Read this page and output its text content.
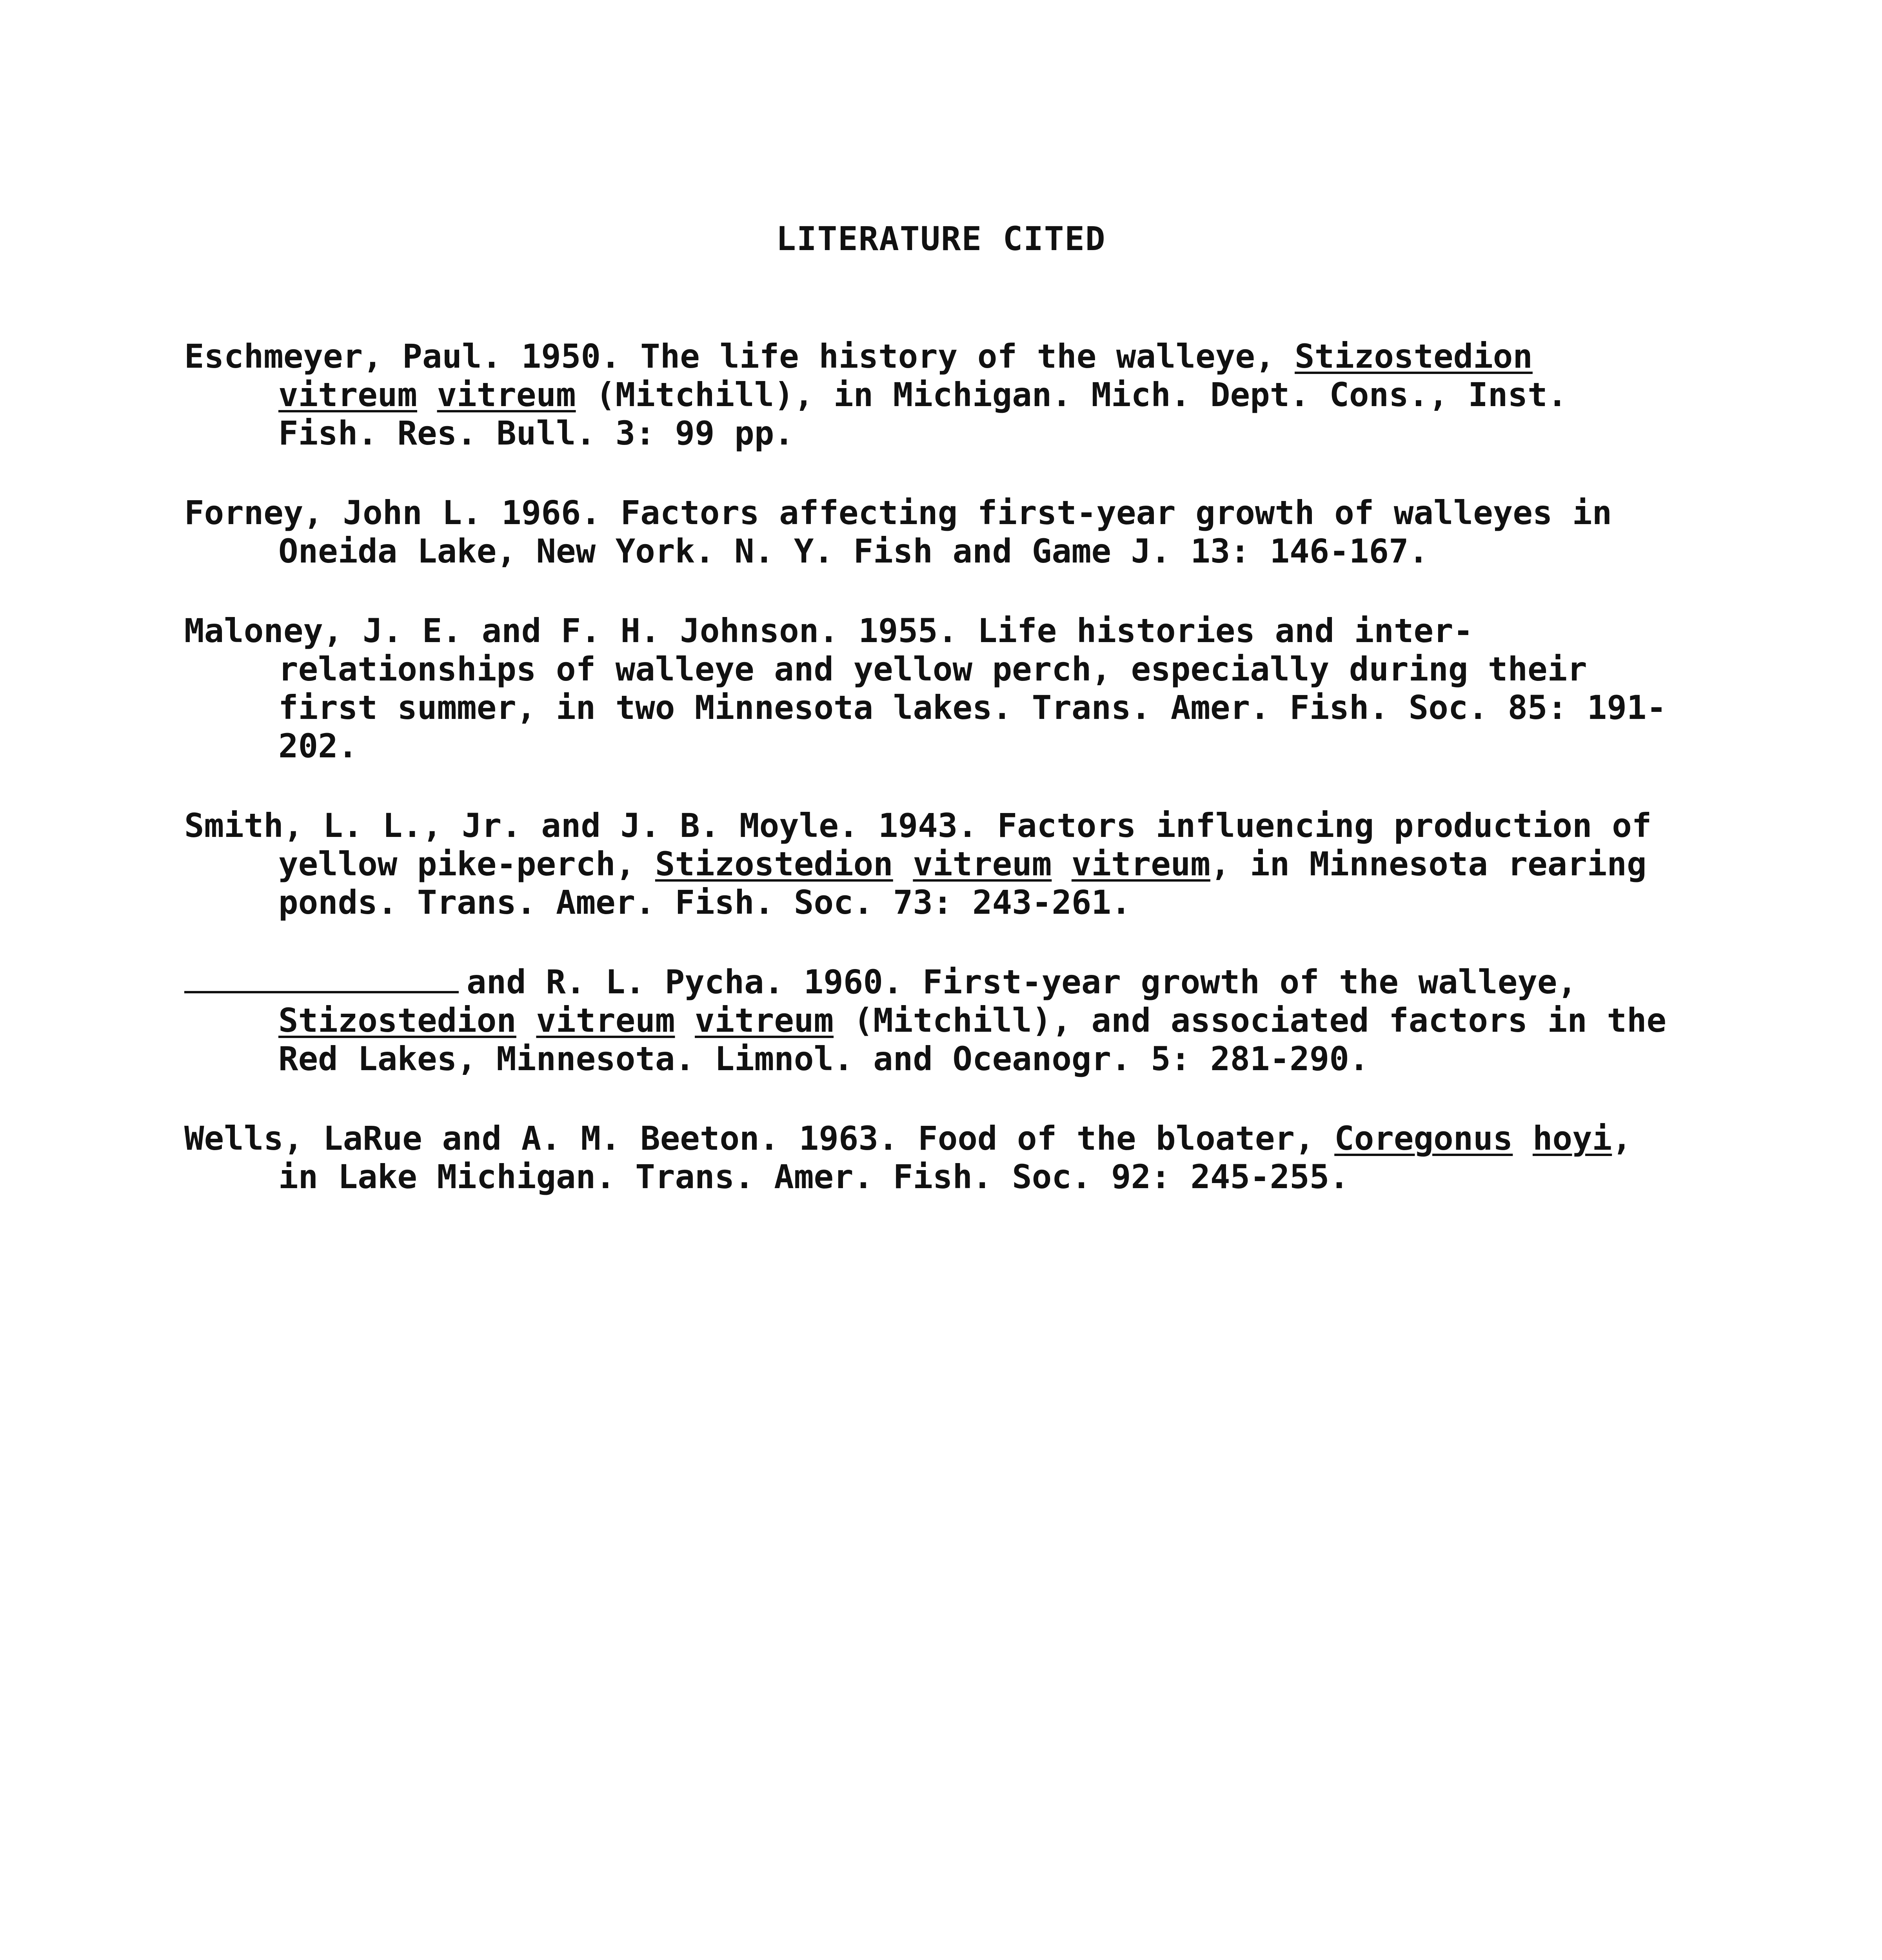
LITERATURE CITED
Eschmeyer, Paul. 1950. The life history of the walleye, Stizostedion vitreum vitreum (Mitchill), in Michigan. Mich. Dept. Cons., Inst. Fish. Res. Bull. 3: 99 pp.
Forney, John L. 1966. Factors affecting first-year growth of walleyes in Oneida Lake, New York. N. Y. Fish and Game J. 13: 146-167.
Maloney, J. E. and F. H. Johnson. 1955. Life histories and inter-relationships of walleye and yellow perch, especially during their first summer, in two Minnesota lakes. Trans. Amer. Fish. Soc. 85: 191-202.
Smith, L. L., Jr. and J. B. Moyle. 1943. Factors influencing production of yellow pike-perch, Stizostedion vitreum vitreum, in Minnesota rearing ponds. Trans. Amer. Fish. Soc. 73: 243-261.
and R. L. Pycha. 1960. First-year growth of the walleye, Stizostedion vitreum vitreum (Mitchill), and associated factors in the Red Lakes, Minnesota. Limnol. and Oceanogr. 5: 281-290.
Wells, LaRue and A. M. Beeton. 1963. Food of the bloater, Coregonus hoyi, in Lake Michigan. Trans. Amer. Fish. Soc. 92: 245-255.
